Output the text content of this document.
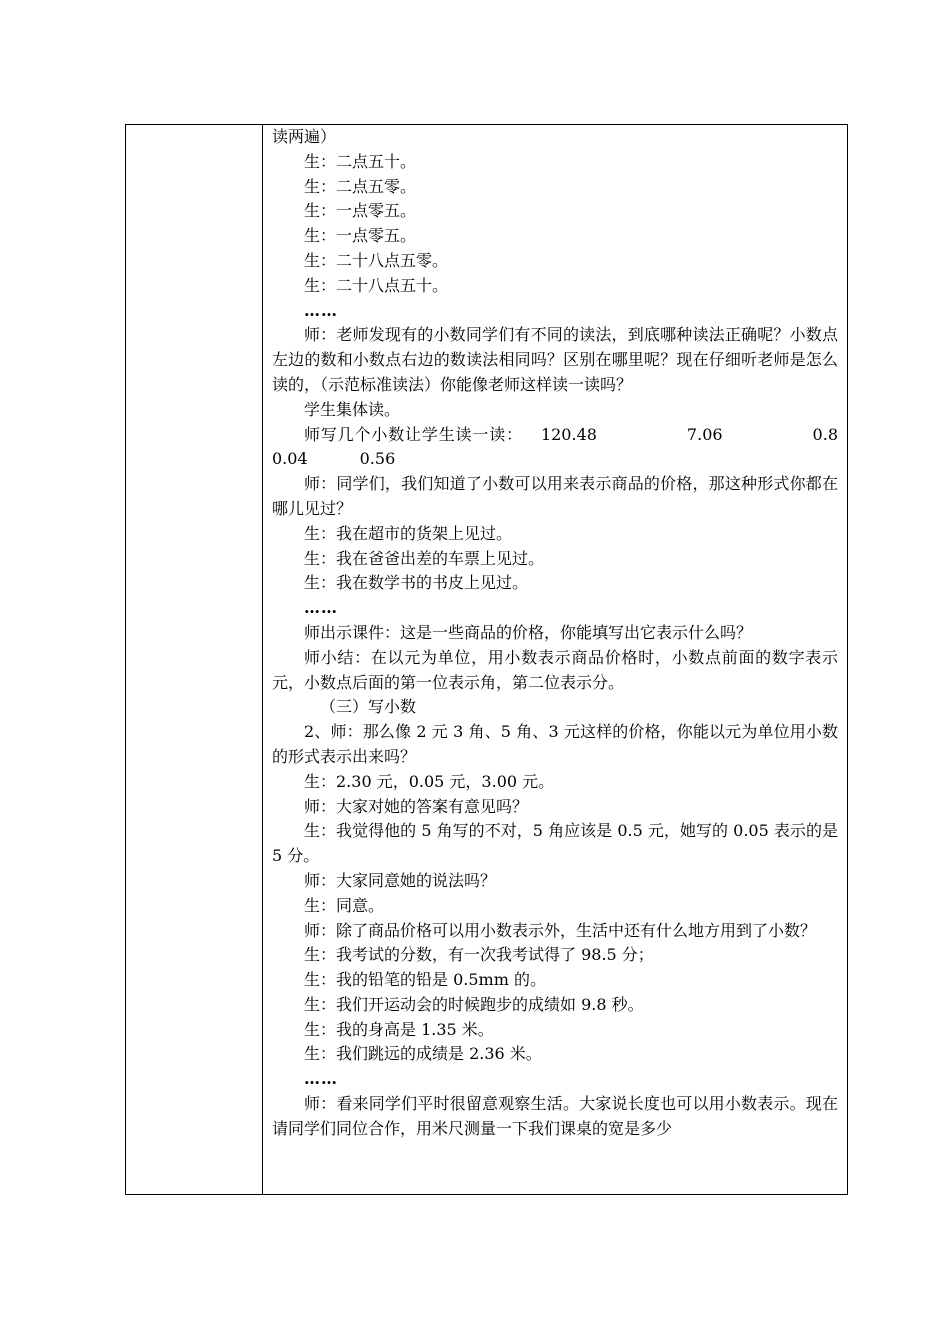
读两遍）

生：二点五十。

生：二点五零。

生：一点零五。

生：一点零五。

生：二十八点五零。

生：二十八点五十。

……

师：老师发现有的小数同学们有不同的读法，到底哪种读法正确呢？小数点左边的数和小数点右边的数读法相同吗？区别在哪里呢？现在仔细听老师是怎么读的，（示范标准读法）你能像老师这样读一读吗？

学生集体读。

师写几个小数让学生读一读： 120.48	7.06	0.8

0.04	0.56

师：同学们，我们知道了小数可以用来表示商品的价格，那这种形式你都在哪儿见过？

生：我在超市的货架上见过。

生：我在爸爸出差的车票上见过。

生：我在数学书的书皮上见过。

……

师出示课件：这是一些商品的价格，你能填写出它表示什么吗？

师小结：在以元为单位，用小数表示商品价格时，小数点前面的数字表示元，小数点后面的第一位表示角，第二位表示分。

（三）写小数

2、师：那么像 2 元 3 角、5 角、3 元这样的价格，你能以元为单位用小数的形式表示出来吗？

生：2.30 元，0.05 元，3.00 元。

师：大家对她的答案有意见吗？

生：我觉得他的 5 角写的不对，5 角应该是 0.5 元，她写的 0.05 表示的是 5 分。

师：大家同意她的说法吗？

生：同意。

师：除了商品价格可以用小数表示外，生活中还有什么地方用到了小数？

生：我考试的分数，有一次我考试得了 98.5 分；

生：我的铅笔的铅是 0.5mm 的。

生：我们开运动会的时候跑步的成绩如 9.8 秒。

生：我的身高是 1.35 米。

生：我们跳远的成绩是 2.36 米。

……

师：看来同学们平时很留意观察生活。大家说长度也可以用小数表示。现在请同学们同位合作，用米尺测量一下我们课桌的宽是多少
